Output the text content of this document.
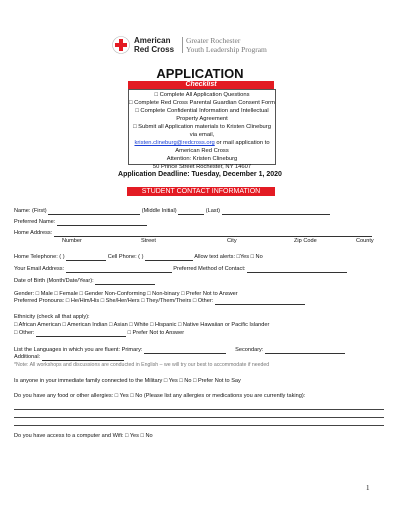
American
Red Cross
Greater Rochester
Youth Leadership Program
APPLICATION
Checklist
□ Complete All Application Questions
□ Complete Red Cross Parental Guardian Consent Form
□ Complete Confidential Information and Intellectual Property Agreement
□ Submit all Application materials to Kristen Clineburg via email,
kristen.clineburg@redcross.org or mail application to
American Red Cross
Attention: Kristen Clineburg
50 Prince Street Rochester, NY 14607
Application Deadline: Tuesday, December 1, 2020
STUDENT CONTACT INFORMATION
Name: (First)	(Middle Initial)	(Last)
Preferred Name:
Home Address:
Number	Street	City	Zip Code	County
Home Telephone: ( )	Cell Phone: ( )	Allow text alerts: □Yes □ No
Your Email Address:	Preferred Method of Contact:
Date of Birth (Month/Date/Year):
Gender: □ Male □ Female □ Gender Non-Conforming □ Non-binary □ Prefer Not to Answer
Preferred Pronouns: □ He/Him/His □ She/Her/Hers □ They/Them/Theirs □ Other:
Ethnicity (check all that apply):
□ African American □ American Indian □ Asian □ White □ Hispanic □ Native Hawaiian or Pacific Islander
□ Other:	□ Prefer Not to Answer
List the Languages in which you are fluent: Primary:	Secondary:
Additional:
*Note: All workshops and discussions are conducted in English – we will try our best to accommodate if needed
Is anyone in your immediate family connected to the Military □ Yes □ No □ Prefer Not to Say
Do you have any food or other allergies: □ Yes □ No (Please list any allergies or medications you are currently taking):
Do you have access to a computer and Wifi: □ Yes □ No
1
